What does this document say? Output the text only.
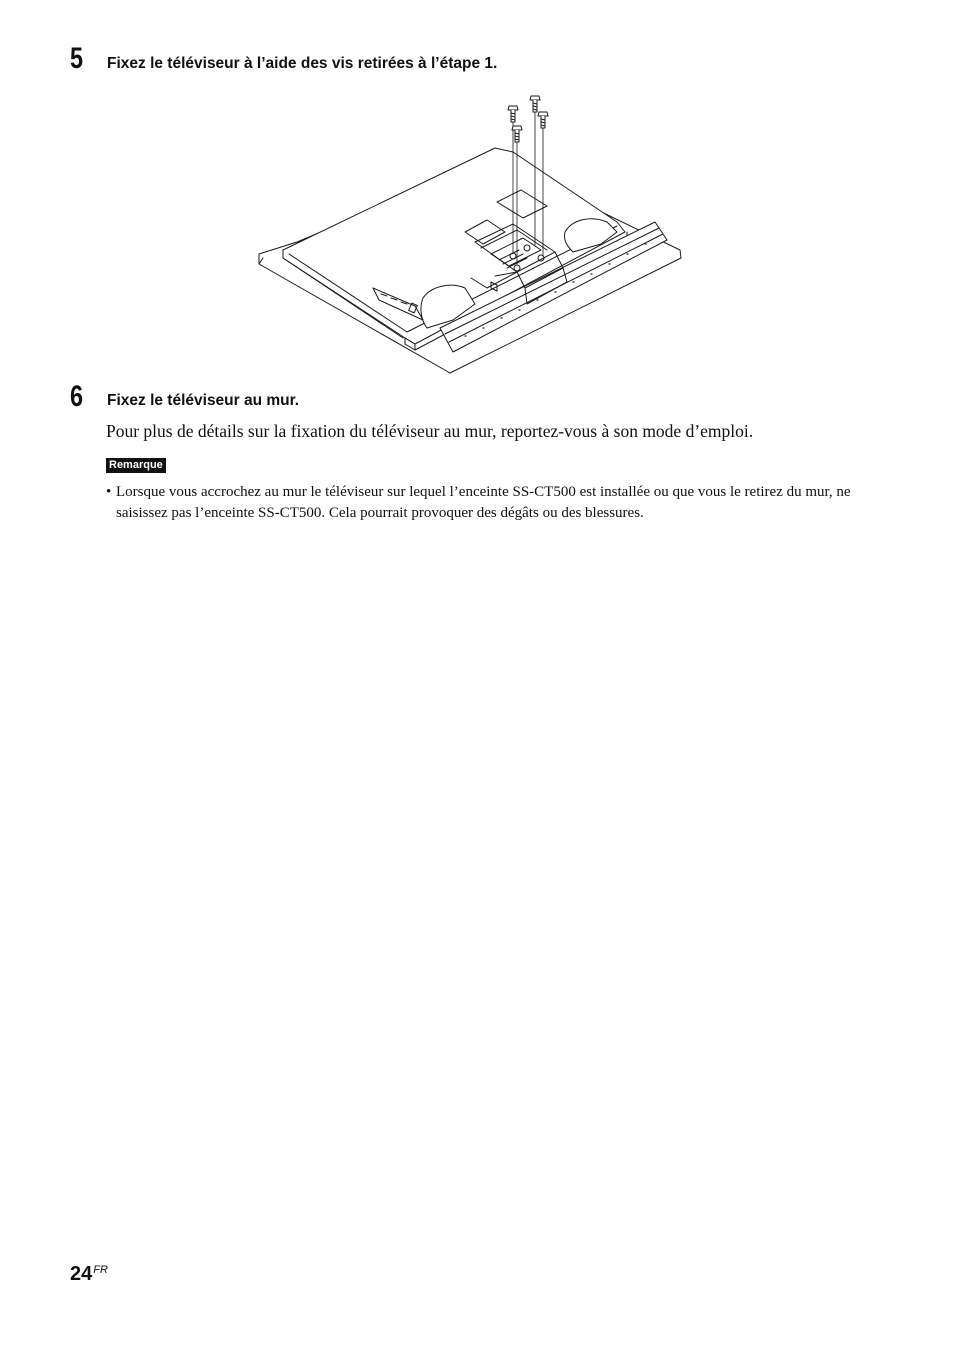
5 Fixez le téléviseur à l’aide des vis retirées à l’étape 1.
6 Fixez le téléviseur au mur.
Pour plus de détails sur la fixation du téléviseur au mur, reportez-vous à son mode d’emploi.
Remarque
• Lorsque vous accrochez au mur le téléviseur sur lequel l’enceinte SS-CT500 est installée ou que vous le retirez du mur, ne saisissez pas l’enceinte SS-CT500. Cela pourrait provoquer des dégâts ou des blessures.
$24^{FR}$
